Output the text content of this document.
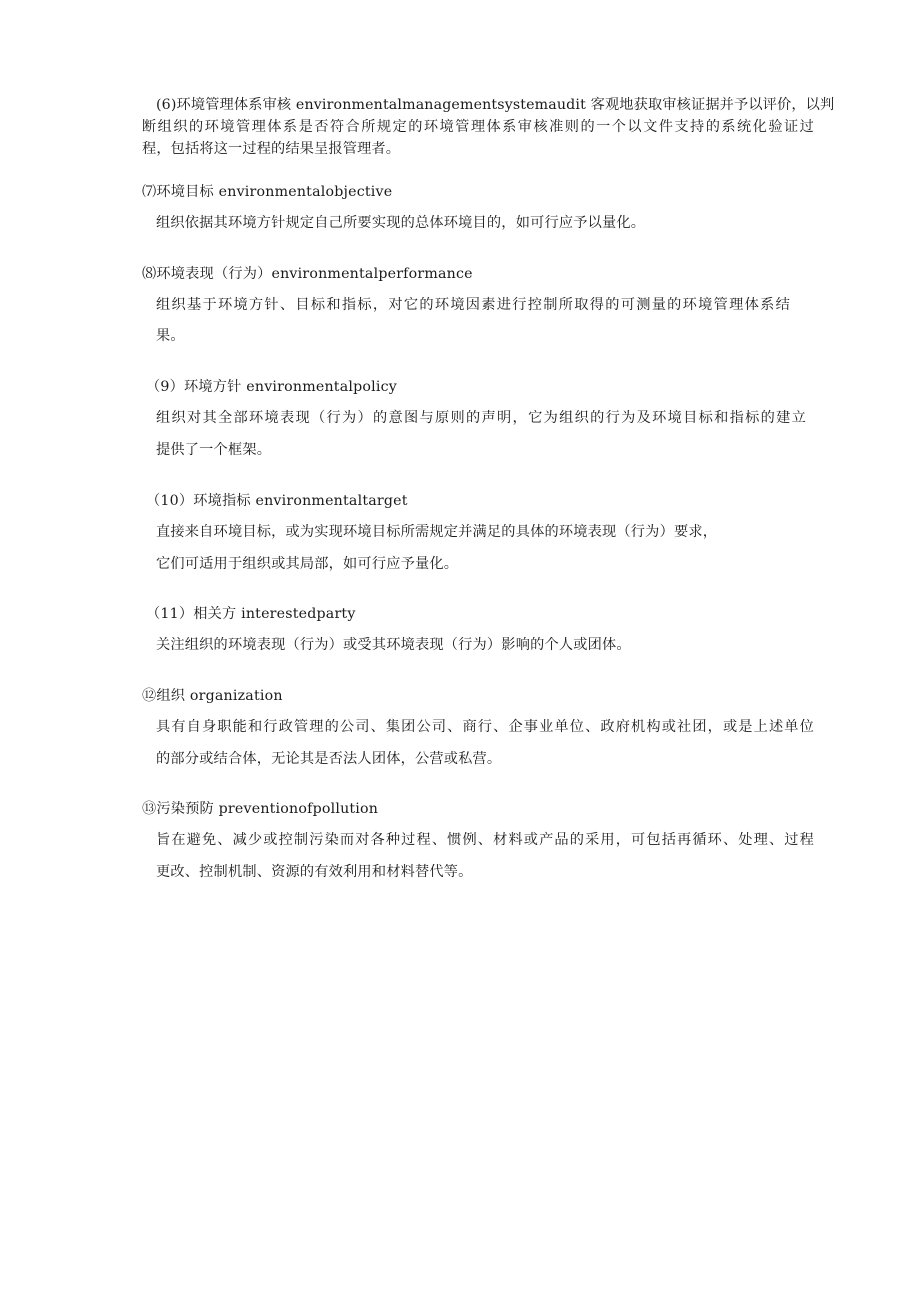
(6)环境管理体系审核 environmentalmanagementsystemaudit 客观地获取审核证据并予以评价，以判
断组织的环境管理体系是否符合所规定的环境管理体系审核准则的一个以文件支持的系统化验证过
程，包括将这一过程的结果呈报管理者。
⑺环境目标 environmentalobjective
组织依据其环境方针规定自己所要实现的总体环境目的，如可行应予以量化。
⑻环境表现（行为）environmentalperformance
组织基于环境方针、目标和指标，对它的环境因素进行控制所取得的可测量的环境管理体系结
果。
（9）环境方针 environmentalpolicy
组织对其全部环境表现（行为）的意图与原则的声明，它为组织的行为及环境目标和指标的建立
提供了一个框架。
（10）环境指标 environmentaltarget
直接来自环境目标，或为实现环境目标所需规定并满足的具体的环境表现（行为）要求，
它们可适用于组织或其局部，如可行应予量化。
（11）相关方 interestedparty
关注组织的环境表现（行为）或受其环境表现（行为）影响的个人或团体。
⑫组织 organization
具有自身职能和行政管理的公司、集团公司、商行、企事业单位、政府机构或社团，或是上述单位
的部分或结合体，无论其是否法人团体，公营或私营。
⑬污染预防 preventionofpollution
旨在避免、减少或控制污染而对各种过程、惯例、材料或产品的采用，可包括再循环、处理、过程
更改、控制机制、资源的有效利用和材料替代等。
